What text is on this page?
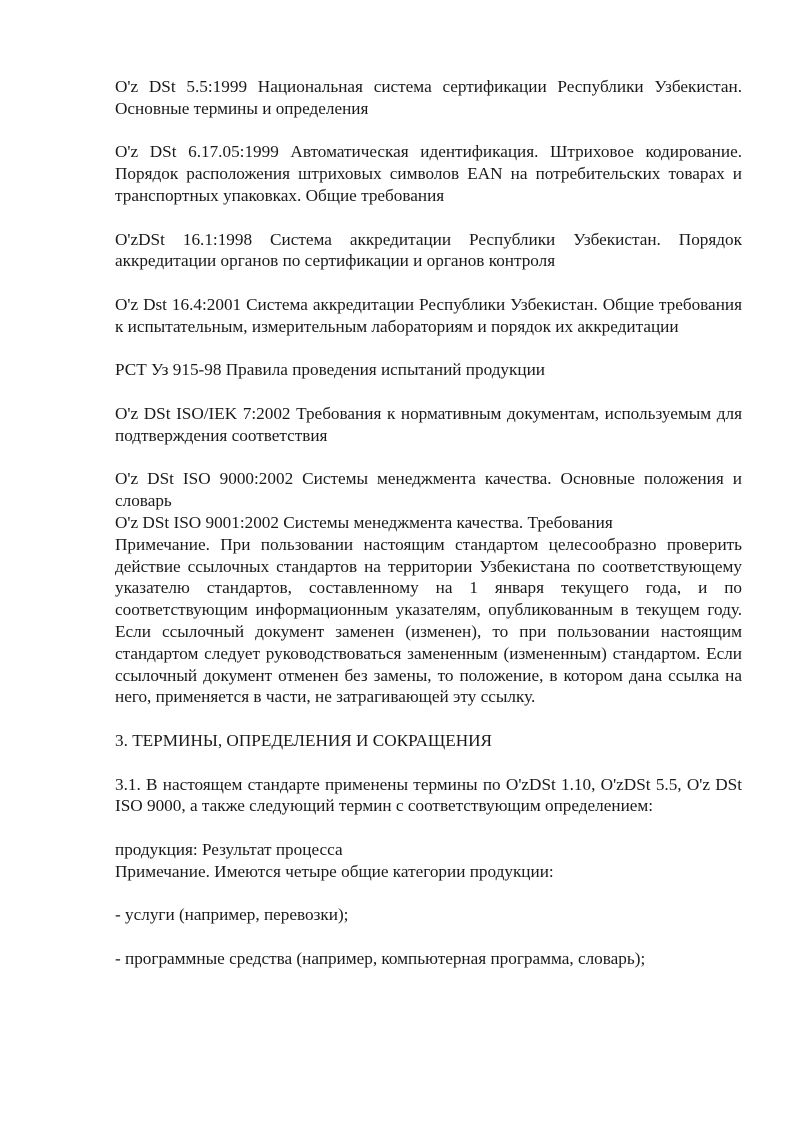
O'z DSt 5.5:1999 Национальная система сертификации Республики Узбекистан. Основные термины и определения

O'z DSt 6.17.05:1999 Автоматическая идентификация. Штриховое кодирование. Порядок расположения штриховых символов EAN на потребительских товарах и транспортных упаковках. Общие требования

O'zDSt 16.1:1998 Система аккредитации Республики Узбекистан. Порядок аккредитации органов по сертификации и органов контроля

O'z Dst 16.4:2001 Система аккредитации Республики Узбекистан. Общие требования к испытательным, измерительным лабораториям и порядок их аккредитации

РСТ Уз 915-98 Правила проведения испытаний продукции

O'z DSt ISO/IEK 7:2002 Требования к нормативным документам, используемым для подтверждения соответствия

O'z DSt ISO 9000:2002 Системы менеджмента качества. Основные положения и словарь

O'z DSt ISO 9001:2002 Системы менеджмента качества. Требования

Примечание. При пользовании настоящим стандартом целесообразно проверить действие ссылочных стандартов на территории Узбекистана по соответствующему указателю стандартов, составленному на 1 января текущего года, и по соответствующим информационным указателям, опубликованным в текущем году. Если ссылочный документ заменен (изменен), то при пользовании настоящим стандартом следует руководствоваться замененным (измененным) стандартом. Если ссылочный документ отменен без замены, то положение, в котором дана ссылка на него, применяется в части, не затрагивающей эту ссылку.

3. ТЕРМИНЫ, ОПРЕДЕЛЕНИЯ И СОКРАЩЕНИЯ

3.1. В настоящем стандарте применены термины по O'zDSt 1.10, O'zDSt 5.5, O'z DSt ISO 9000, а также следующий термин с соответствующим определением:

продукция: Результат процесса

Примечание. Имеются четыре общие категории продукции:

- услуги (например, перевозки);

- программные средства (например, компьютерная программа, словарь);
